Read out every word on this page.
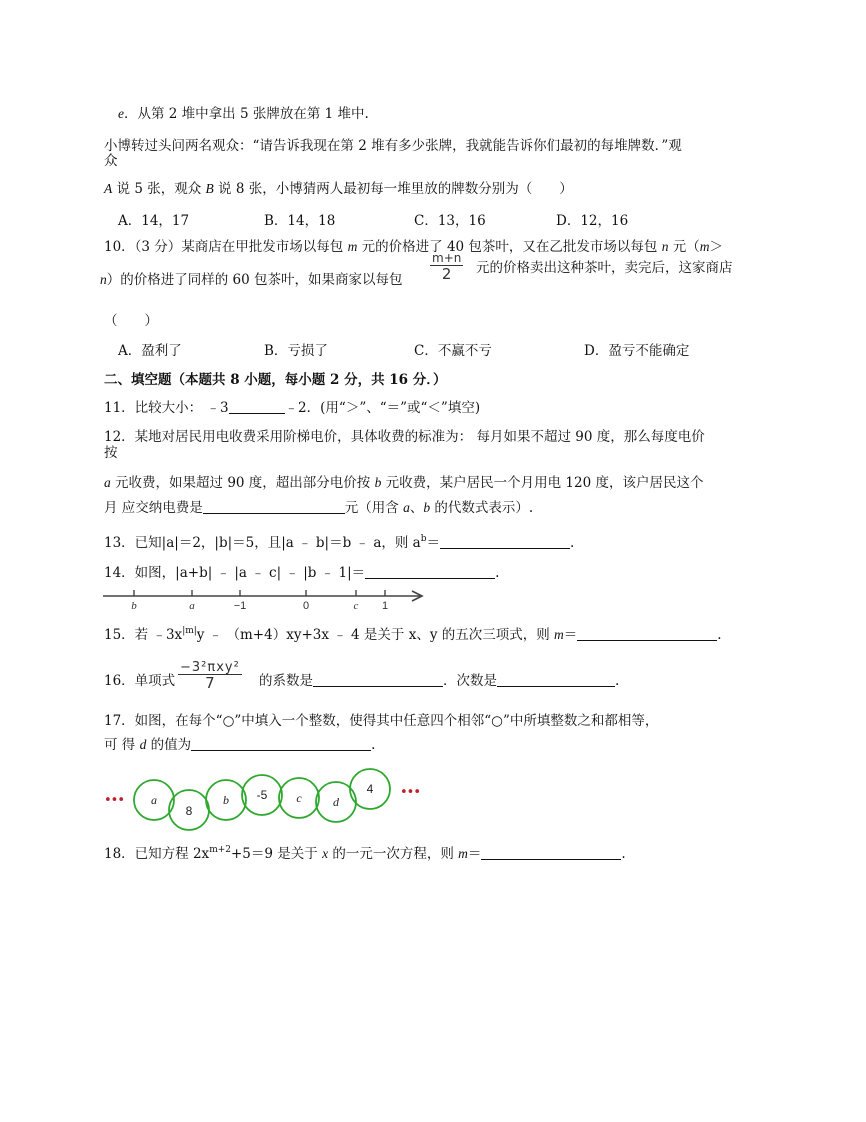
e．从第 2 堆中拿出 5 张牌放在第 1 堆中.
小博转过头问两名观众：“请告诉我现在第 2 堆有多少张牌，我就能告诉你们最初的每堆牌数．”观
众
A 说 5 张，观众 B 说 8 张，小博猜两人最初每一堆里放的牌数分别为（　　）
A．14，17	B．14，18	C．13，16	D．12，16
10．（3 分）某商店在甲批发市场以每包 m 元的价格进了 40 包茶叶，又在乙批发市场以每包 n 元（m＞
n）的价格进了同样的 60 包茶叶，如果商家以每包
m+n
2	元的价格卖出这种茶叶，卖完后，这家商店
（　　）
A．盈利了	B．亏损了	C．不赢不亏	D．盈亏不能确定
二、填空题（本题共 8 小题，每小题 2 分，共 16 分．）
11．比较大小： ﹣3	﹣2．(用“＞”、“＝”或“＜”填空)
12．某地对居民用电收费采用阶梯电价，具体收费的标准为： 每月如果不超过 90 度，那么每度电价
按
a 元收费，如果超过 90 度，超出部分电价按 b 元收费，某户居民一个月用电 120 度，该户居民这个
月 应交纳电费是	元（用含 a、b 的代数式表示）.
13．已知|a|＝2，|b|＝5，且|a ﹣ b|＝b ﹣ a，则 $a^b=$	.
14．如图，|a+b| ﹣ |a ﹣ c| ﹣ |b ﹣ 1|＝	.
b	a	−1	0	c 1
15．若 $﹣3x^{|m|}y$ ﹣ （m+4）xy+3x ﹣ 4 是关于 x、y 的五次三项式，则 m＝	.
16．单项式
−3²πxy²
7	的系数是	．次数是	.
17．如图，在每个“○”中填入一个整数，使得其中任意四个相邻“○”中所填整数之和都相等，
可 得 d 的值为	.
••• a
8
b -5 c	d
4 •••
18．已知方程 $2x^{m+2}+5=9$ 是关于 x 的一元一次方程，则 m＝	.
